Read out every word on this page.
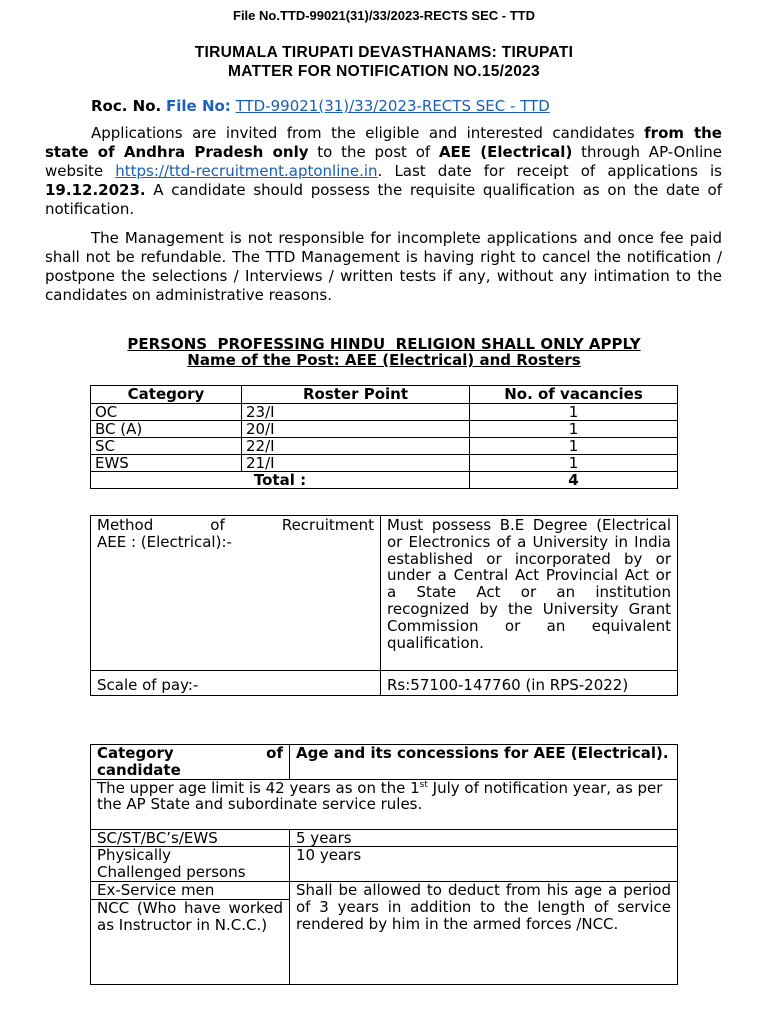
File No.TTD-99021(31)/33/2023-RECTS SEC - TTD
TIRUMALA TIRUPATI DEVASTHANAMS: TIRUPATI
MATTER FOR NOTIFICATION NO.15/2023
Roc. No. File No: TTD-99021(31)/33/2023-RECTS SEC - TTD
Applications are invited from the eligible and interested candidates from the state of Andhra Pradesh only to the post of AEE (Electrical) through AP-Online website https://ttd-recruitment.aptonline.in. Last date for receipt of applications is 19.12.2023. A candidate should possess the requisite qualification as on the date of notification.
The Management is not responsible for incomplete applications and once fee paid shall not be refundable. The TTD Management is having right to cancel the notification / postpone the selections / Interviews / written tests if any, without any intimation to the candidates on administrative reasons.
PERSONS  PROFESSING HINDU  RELIGION SHALL ONLY APPLY
Name of the Post: AEE (Electrical) and Rosters
Category	Roster Point	No. of vacancies
OC	23/I	1
BC (A)	20/I	1
SC	22/I	1
EWS	21/I	1
Total :		4
Method of Recruitment
AEE : (Electrical):-	Must possess B.E Degree (Electrical or Electronics of a University in India established or incorporated by or under a Central Act Provincial Act or a State Act or an institution recognized by the University Grant Commission or an equivalent qualification.
Scale of pay:-	Rs:57100-147760 (in RPS-2022)
Category of candidate	Age and its concessions for AEE (Electrical).
The upper age limit is 42 years as on the 1st July of notification year, as per the AP State and subordinate service rules.	
SC/ST/BC’s/EWS	5 years
Physically Challenged persons	10 years
Ex-Service men	Shall be allowed to deduct from his age a period of 3 years in addition to the length of service rendered by him in the armed forces /NCC.
NCC (Who have worked as Instructor in N.C.C.)	
